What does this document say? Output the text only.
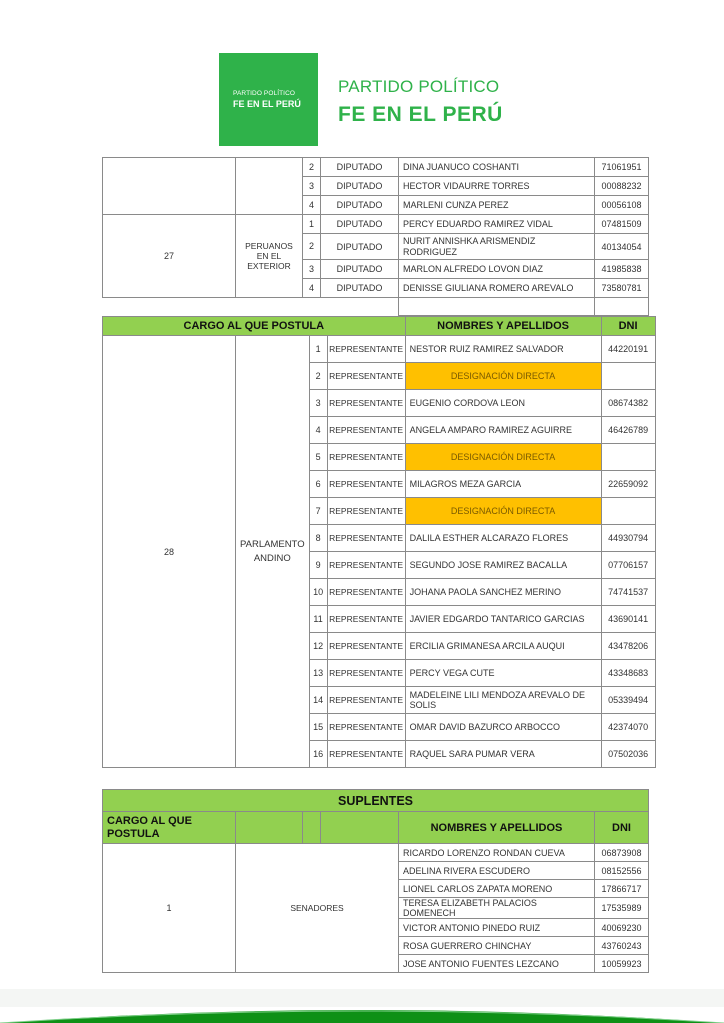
PARTIDO POLÍTICO
FE EN EL PERÚ
PARTIDO POLÍTICO
FE EN EL PERÚ
		2	DIPUTADO	DINA JUANUCO COSHANTI	71061951
		3	DIPUTADO	HECTOR VIDAURRE TORRES	00088232
		4	DIPUTADO	MARLENI CUNZA PEREZ	00056108
27	PERUANOS EN EL EXTERIOR	1	DIPUTADO	PERCY EDUARDO RAMIREZ VIDAL	07481509
		2	DIPUTADO	NURIT ANNISHKA ARISMENDIZ RODRIGUEZ	40134054
		3	DIPUTADO	MARLON ALFREDO LOVON DIAZ	41985838
		4	DIPUTADO	DENISSE GIULIANA ROMERO AREVALO	73580781

CARGO AL QUE POSTULA				NOMBRES Y APELLIDOS	DNI
28	PARLAMENTO ANDINO	1	REPRESENTANTE	NESTOR RUIZ RAMIREZ SALVADOR	44220191
		2	REPRESENTANTE	DESIGNACIÓN DIRECTA	
		3	REPRESENTANTE	EUGENIO CORDOVA LEON	08674382
		4	REPRESENTANTE	ANGELA AMPARO RAMIREZ AGUIRRE	46426789
		5	REPRESENTANTE	DESIGNACIÓN DIRECTA	
		6	REPRESENTANTE	MILAGROS MEZA GARCIA	22659092
		7	REPRESENTANTE	DESIGNACIÓN DIRECTA	
		8	REPRESENTANTE	DALILA ESTHER ALCARAZO FLORES	44930794
		9	REPRESENTANTE	SEGUNDO JOSE RAMIREZ BACALLA	07706157
		10	REPRESENTANTE	JOHANA PAOLA SANCHEZ MERINO	74741537
		11	REPRESENTANTE	JAVIER EDGARDO TANTARICO GARCIAS	43690141
		12	REPRESENTANTE	ERCILIA GRIMANESA ARCILA AUQUI	43478206
		13	REPRESENTANTE	PERCY VEGA CUTE	43348683
		14	REPRESENTANTE	MADELEINE LILI MENDOZA AREVALO DE SOLIS	05339494
		15	REPRESENTANTE	OMAR DAVID BAZURCO ARBOCCO	42374070
		16	REPRESENTANTE	RAQUEL SARA PUMAR VERA	07502036
SUPLENTES					
CARGO AL QUE POSTULA				NOMBRES Y APELLIDOS	DNI
1	SENADORES			RICARDO LORENZO RONDAN CUEVA	06873908
				ADELINA RIVERA ESCUDERO	08152556
				LIONEL CARLOS ZAPATA MORENO	17866717
				TERESA ELIZABETH PALACIOS DOMENECH	17535989
				VICTOR ANTONIO PINEDO RUIZ	40069230
				ROSA GUERRERO CHINCHAY	43760243
				JOSE ANTONIO FUENTES LEZCANO	10059923
